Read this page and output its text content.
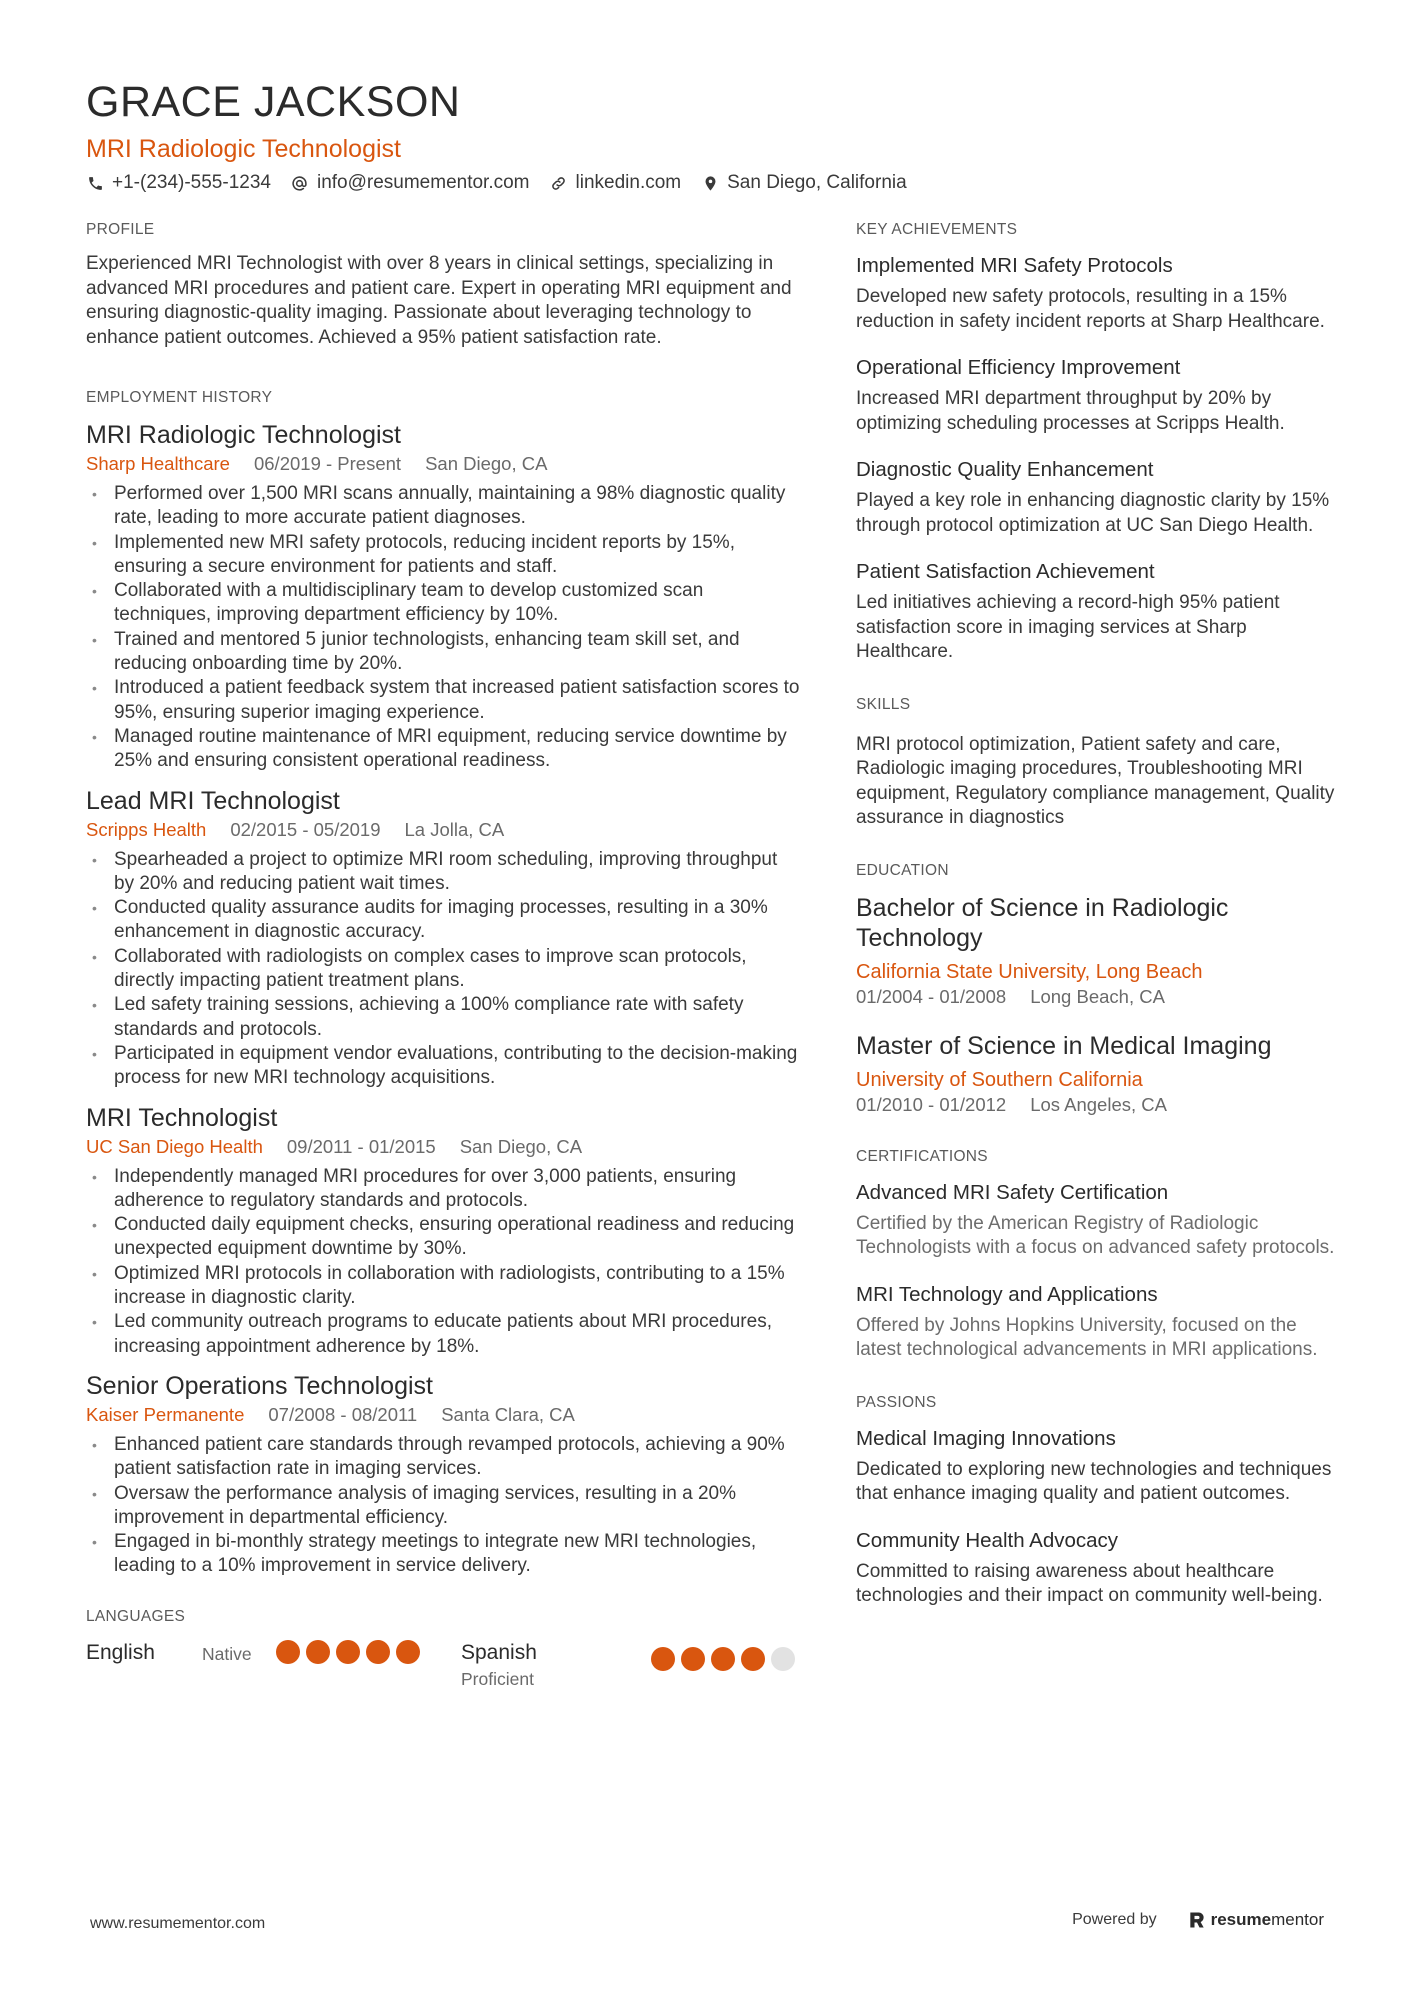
GRACE JACKSON
MRI Radiologic Technologist
+1-(234)-555-1234 info@resumementor.com linkedin.com San Diego, California
PROFILE
Experienced MRI Technologist with over 8 years in clinical settings, specializing in advanced MRI procedures and patient care. Expert in operating MRI equipment and ensuring diagnostic-quality imaging. Passionate about leveraging technology to enhance patient outcomes. Achieved a 95% patient satisfaction rate.
EMPLOYMENT HISTORY
MRI Radiologic Technologist
Sharp Healthcare 06/2019 - Present San Diego, CA
• Performed over 1,500 MRI scans annually, maintaining a 98% diagnostic quality rate, leading to more accurate patient diagnoses.
• Implemented new MRI safety protocols, reducing incident reports by 15%, ensuring a secure environment for patients and staff.
• Collaborated with a multidisciplinary team to develop customized scan techniques, improving department efficiency by 10%.
• Trained and mentored 5 junior technologists, enhancing team skill set, and reducing onboarding time by 20%.
• Introduced a patient feedback system that increased patient satisfaction scores to 95%, ensuring superior imaging experience.
• Managed routine maintenance of MRI equipment, reducing service downtime by 25% and ensuring consistent operational readiness.
Lead MRI Technologist
Scripps Health 02/2015 - 05/2019 La Jolla, CA
• Spearheaded a project to optimize MRI room scheduling, improving throughput by 20% and reducing patient wait times.
• Conducted quality assurance audits for imaging processes, resulting in a 30% enhancement in diagnostic accuracy.
• Collaborated with radiologists on complex cases to improve scan protocols, directly impacting patient treatment plans.
• Led safety training sessions, achieving a 100% compliance rate with safety standards and protocols.
• Participated in equipment vendor evaluations, contributing to the decision-making process for new MRI technology acquisitions.
MRI Technologist
UC San Diego Health 09/2011 - 01/2015 San Diego, CA
• Independently managed MRI procedures for over 3,000 patients, ensuring adherence to regulatory standards and protocols.
• Conducted daily equipment checks, ensuring operational readiness and reducing unexpected equipment downtime by 30%.
• Optimized MRI protocols in collaboration with radiologists, contributing to a 15% increase in diagnostic clarity.
• Led community outreach programs to educate patients about MRI procedures, increasing appointment adherence by 18%.
Senior Operations Technologist
Kaiser Permanente 07/2008 - 08/2011 Santa Clara, CA
• Enhanced patient care standards through revamped protocols, achieving a 90% patient satisfaction rate in imaging services.
• Oversaw the performance analysis of imaging services, resulting in a 20% improvement in departmental efficiency.
• Engaged in bi-monthly strategy meetings to integrate new MRI technologies, leading to a 10% improvement in service delivery.
LANGUAGES
English	Native	Spanish
Proficient
KEY ACHIEVEMENTS
Implemented MRI Safety Protocols
Developed new safety protocols, resulting in a 15% reduction in safety incident reports at Sharp Healthcare.
Operational Efficiency Improvement
Increased MRI department throughput by 20% by optimizing scheduling processes at Scripps Health.
Diagnostic Quality Enhancement
Played a key role in enhancing diagnostic clarity by 15% through protocol optimization at UC San Diego Health.
Patient Satisfaction Achievement
Led initiatives achieving a record-high 95% patient satisfaction score in imaging services at Sharp Healthcare.
SKILLS
MRI protocol optimization, Patient safety and care, Radiologic imaging procedures, Troubleshooting MRI equipment, Regulatory compliance management, Quality assurance in diagnostics
EDUCATION
Bachelor of Science in Radiologic Technology
California State University, Long Beach
01/2004 - 01/2008 Long Beach, CA
Master of Science in Medical Imaging
University of Southern California
01/2010 - 01/2012 Los Angeles, CA
CERTIFICATIONS
Advanced MRI Safety Certification
Certified by the American Registry of Radiologic Technologists with a focus on advanced safety protocols.
MRI Technology and Applications
Offered by Johns Hopkins University, focused on the latest technological advancements in MRI applications.
PASSIONS
Medical Imaging Innovations
Dedicated to exploring new technologies and techniques that enhance imaging quality and patient outcomes.
Community Health Advocacy
Committed to raising awareness about healthcare technologies and their impact on community well-being.
www.resumementor.com	Powered by	resume mentor
